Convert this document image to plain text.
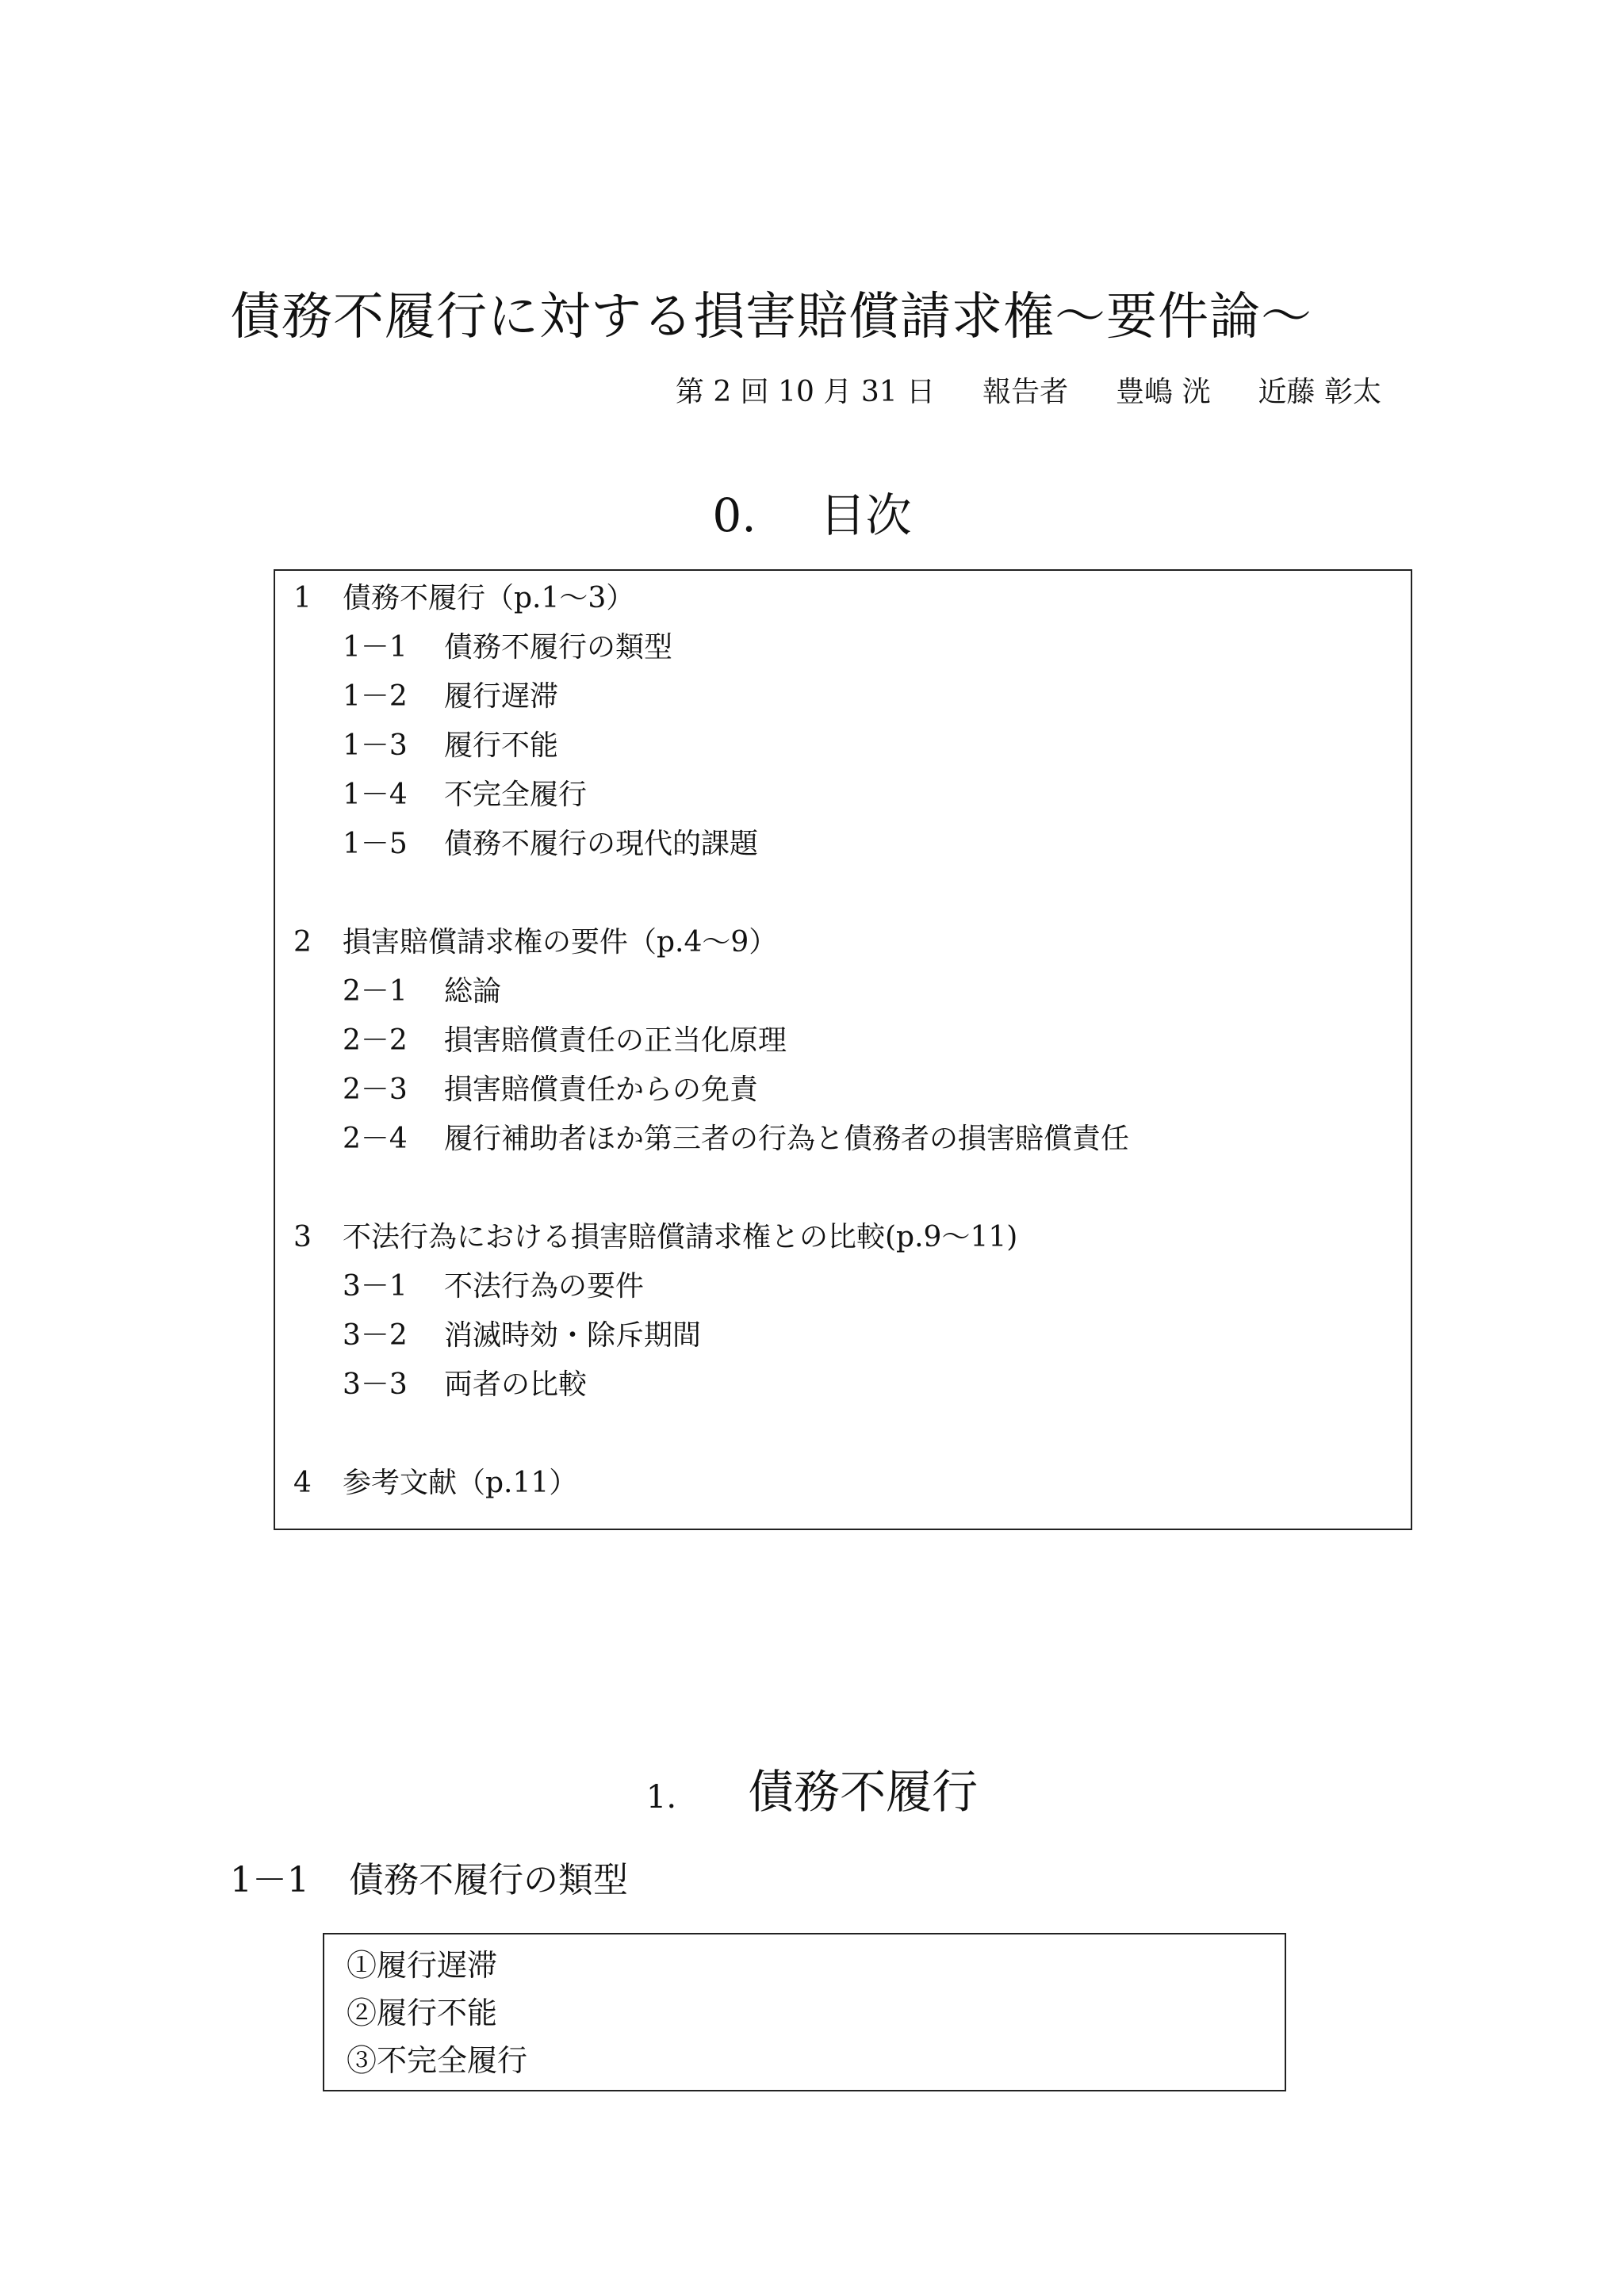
債務不履行に対する損害賠償請求権～要件論～
第 2 回 10 月 31 日 報告者 豊嶋 洸 近藤 彰太
0. 目次
1 債務不履行（p.1～3）
1－1 債務不履行の類型
1－2 履行遅滞
1－3 履行不能
1－4 不完全履行
1－5 債務不履行の現代的課題
2 損害賠償請求権の要件（p.4～9）
2－1 総論
2－2 損害賠償責任の正当化原理
2－3 損害賠償責任からの免責
2－4 履行補助者ほか第三者の行為と債務者の損害賠償責任
3 不法行為における損害賠償請求権との比較(p.9～11)
3－1 不法行為の要件
3－2 消滅時効・除斥期間
3－3 両者の比較
4 参考文献（p.11）
1. 債務不履行
1－1 債務不履行の類型
①履行遅滞
②履行不能
③不完全履行
